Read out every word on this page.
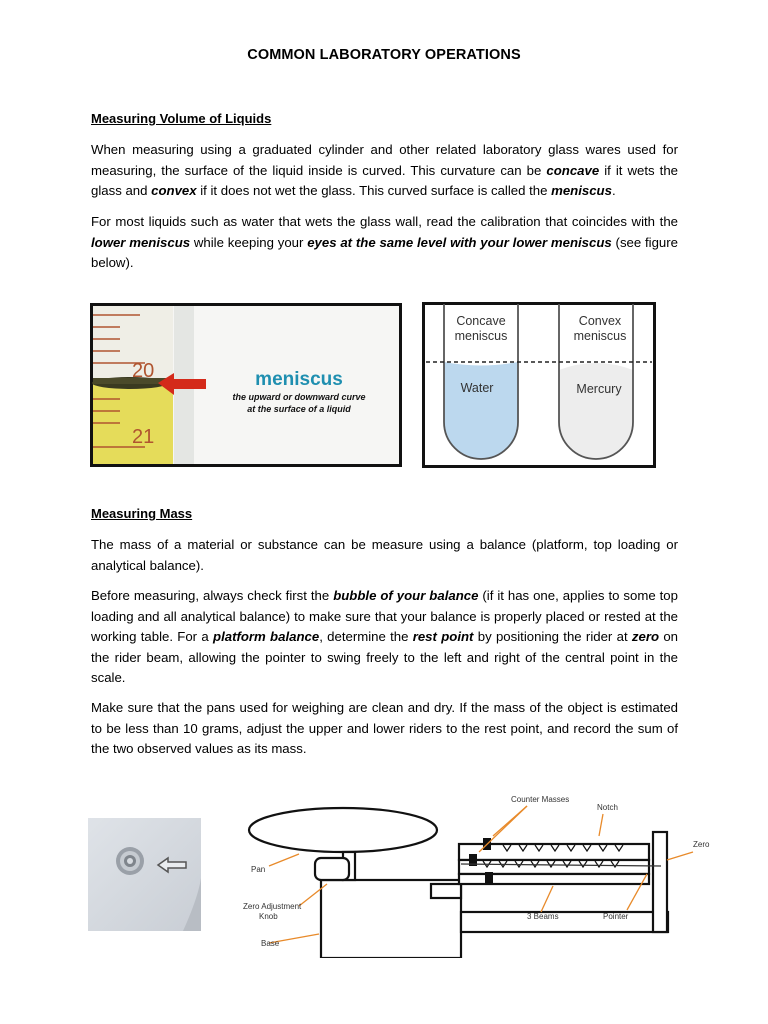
COMMON LABORATORY OPERATIONS
Measuring Volume of Liquids
When measuring using a graduated cylinder and other related laboratory glass wares used for measuring, the surface of the liquid inside is curved. This curvature can be concave if it wets the glass and convex if it does not wet the glass. This curved surface is called the meniscus.
For most liquids such as water that wets the glass wall, read the calibration that coincides with the lower meniscus while keeping your eyes at the same level with your lower meniscus (see figure below).
20
21
meniscus
the upward or downward curve
at the surface of a liquid
Concave
meniscus
Water
Convex
meniscus
Mercury
Measuring Mass
The mass of a material or substance can be measure using a balance (platform, top loading or analytical balance).
Before measuring, always check first the bubble of your balance (if it has one, applies to some top loading and all analytical balance) to make sure that your balance is properly placed or rested at the working table. For a platform balance, determine the rest point by positioning the rider at zero on the rider beam, allowing the pointer to swing freely to the left and right of the central point in the scale.
Make sure that the pans used for weighing are clean and dry. If the mass of the object is estimated to be less than 10 grams, adjust the upper and lower riders to the rest point, and record the sum of the two observed values as its mass.
Counter Masses
Notch
Zero
Pan
Zero Adjustment
Knob	3 Beams	Pointer
Base
